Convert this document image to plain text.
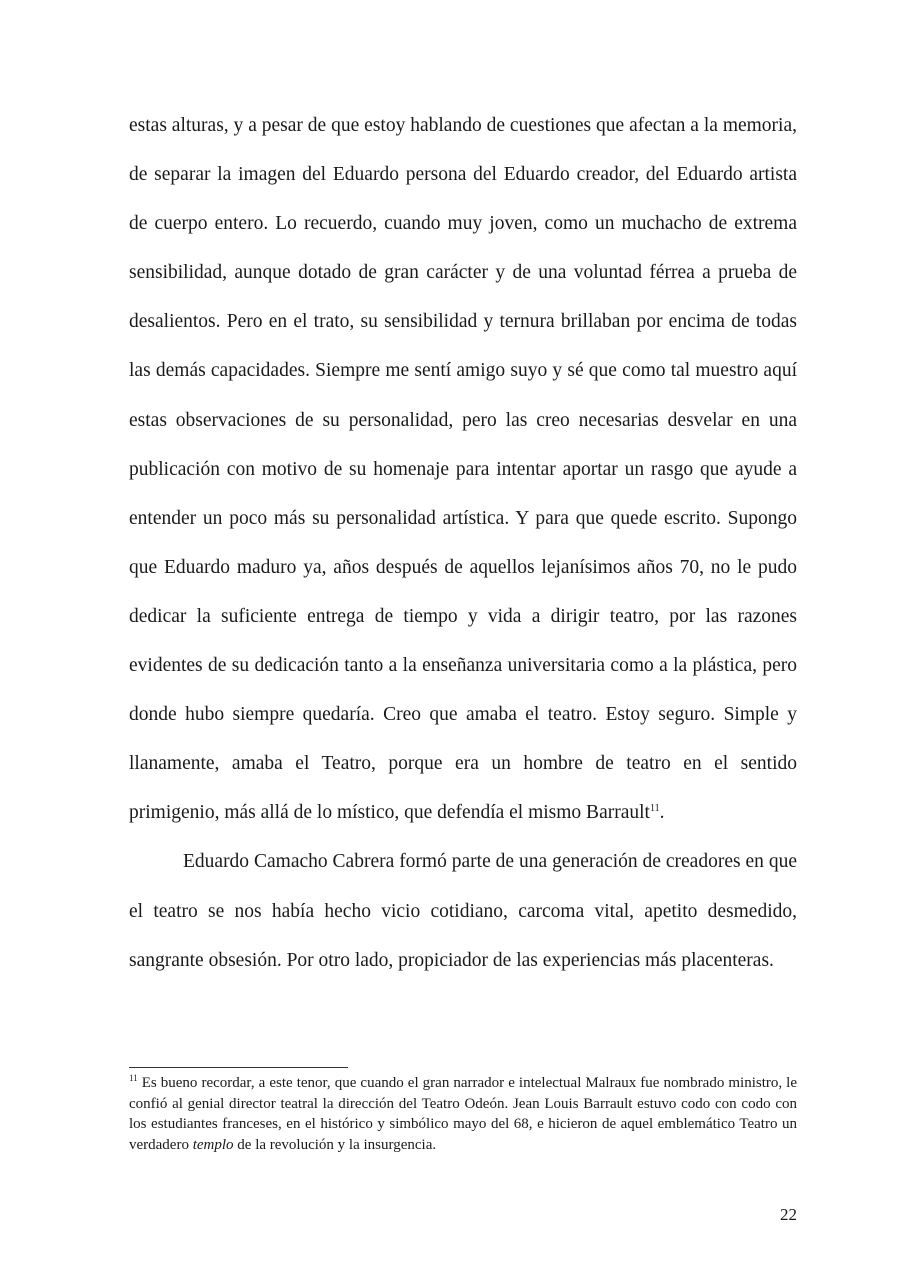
estas alturas, y a pesar de que estoy hablando de cuestiones que afectan a la memoria, de separar la imagen del Eduardo persona del Eduardo creador, del Eduardo artista de cuerpo entero. Lo recuerdo, cuando muy joven, como un muchacho de extrema sensibilidad, aunque dotado de gran carácter y de una voluntad férrea a prueba de desalientos. Pero en el trato, su sensibilidad y ternura brillaban por encima de todas las demás capacidades. Siempre me sentí amigo suyo y sé que como tal muestro aquí estas observaciones de su personalidad, pero las creo necesarias desvelar en una publicación con motivo de su homenaje para intentar aportar un rasgo que ayude a entender un poco más su personalidad artística. Y para que quede escrito. Supongo que Eduardo maduro ya, años después de aquellos lejanísimos años 70, no le pudo dedicar la suficiente entrega de tiempo y vida a dirigir teatro, por las razones evidentes de su dedicación tanto a la enseñanza universitaria como a la plástica, pero donde hubo siempre quedaría. Creo que amaba el teatro. Estoy seguro. Simple y llanamente, amaba el Teatro, porque era un hombre de teatro en el sentido primigenio, más allá de lo místico, que defendía el mismo Barrault$^{11}$.

Eduardo Camacho Cabrera formó parte de una generación de creadores en que el teatro se nos había hecho vicio cotidiano, carcoma vital, apetito desmedido, sangrante obsesión. Por otro lado, propiciador de las experiencias más placenteras.

$^{11}$ Es bueno recordar, a este tenor, que cuando el gran narrador e intelectual Malraux fue nombrado ministro, le confió al genial director teatral la dirección del Teatro Odeón. Jean Louis Barrault estuvo codo con codo con los estudiantes franceses, en el histórico y simbólico mayo del 68, e hicieron de aquel emblemático Teatro un verdadero templo de la revolución y la insurgencia.

22
